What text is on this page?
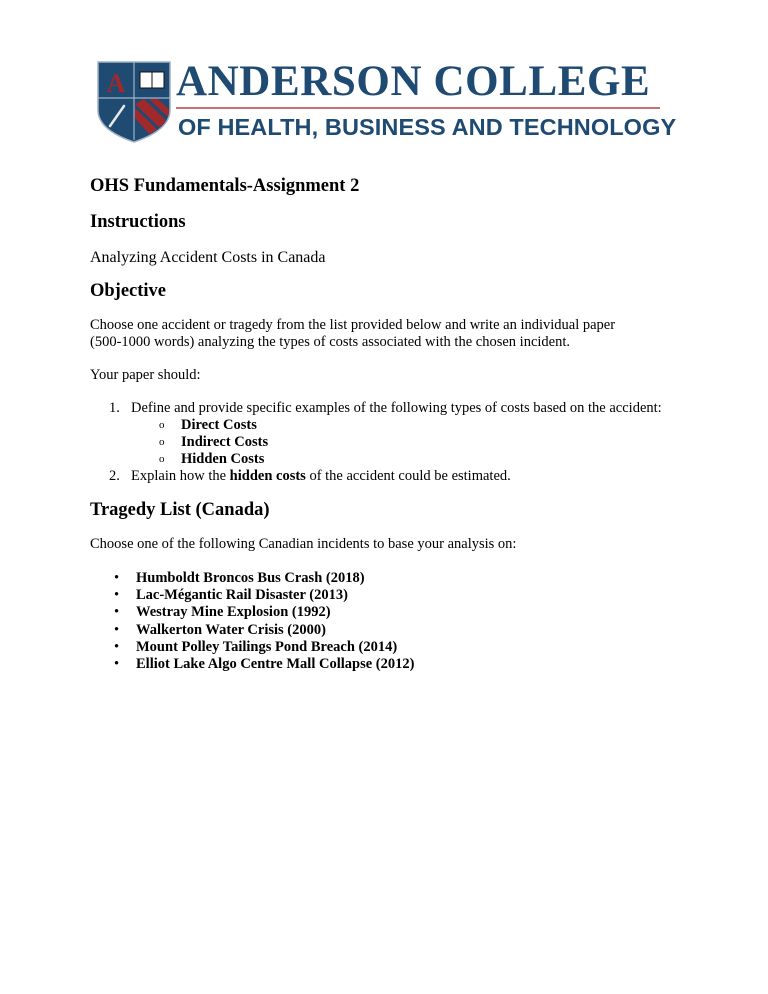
A ANDERSON COLLEGE
OF HEALTH, BUSINESS AND TECHNOLOGY
OHS Fundamentals-Assignment 2
Instructions

Analyzing Accident Costs in Canada

Objective

Choose one accident or tragedy from the list provided below and write an individual paper (500-1000 words) analyzing the types of costs associated with the chosen incident.

Your paper should:

1. Define and provide specific examples of the following types of costs based on the accident:
o Direct Costs
o Indirect Costs
o Hidden Costs
2. Explain how the hidden costs of the accident could be estimated.
Tragedy List (Canada)

Choose one of the following Canadian incidents to base your analysis on:

• Humboldt Broncos Bus Crash (2018)
• Lac-Mégantic Rail Disaster (2013)
• Westray Mine Explosion (1992)
• Walkerton Water Crisis (2000)
• Mount Polley Tailings Pond Breach (2014)
• Elliot Lake Algo Centre Mall Collapse (2012)
